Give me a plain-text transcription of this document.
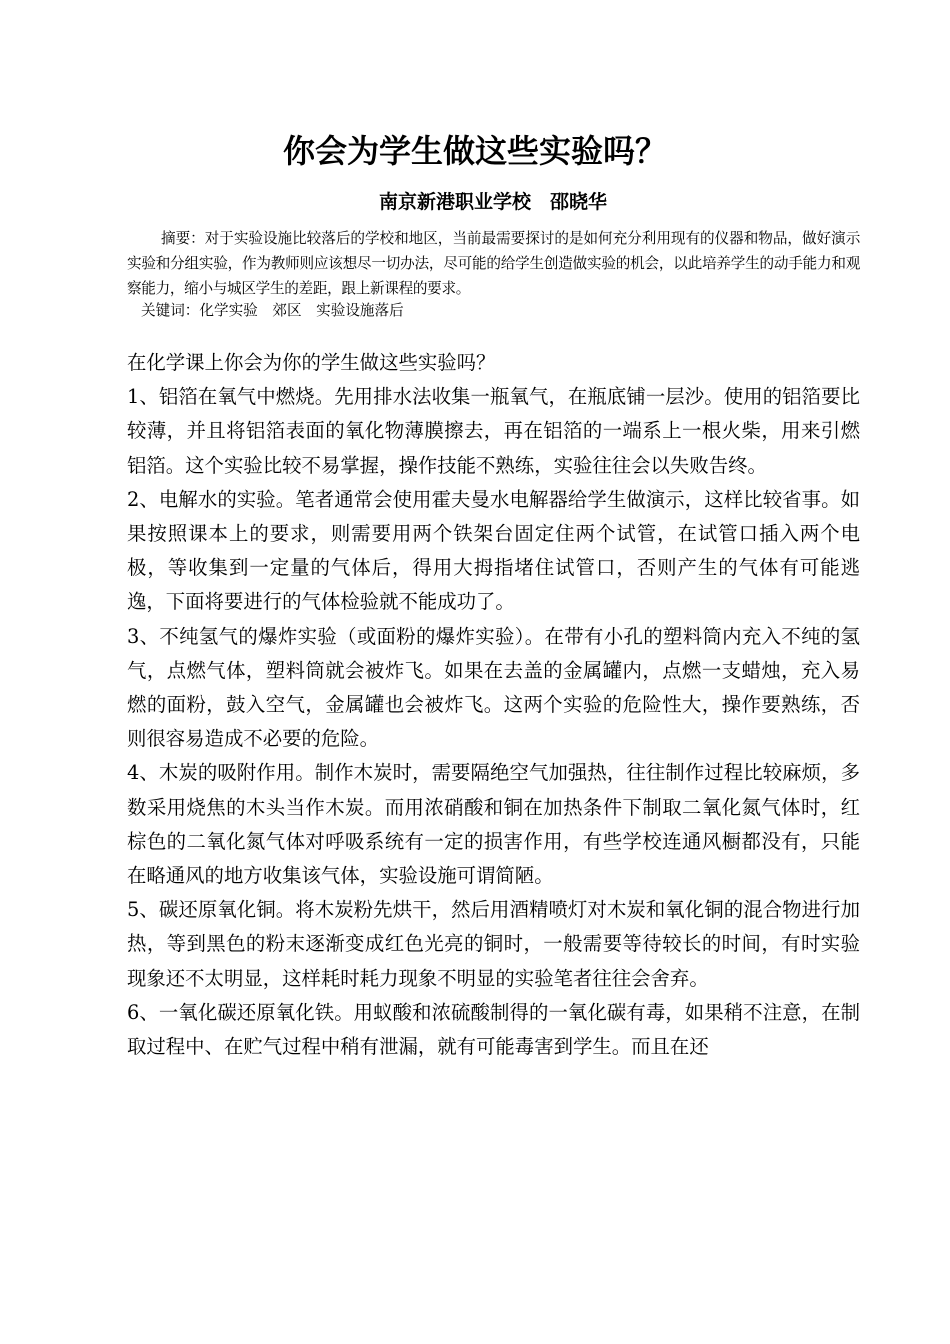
你会为学生做这些实验吗？
南京新港职业学校　邵晓华

摘要：对于实验设施比较落后的学校和地区，当前最需要探讨的是如何充分利用现有的仪器和物品，做好演示实验和分组实验，作为教师则应该想尽一切办法，尽可能的给学生创造做实验的机会，以此培养学生的动手能力和观察能力，缩小与城区学生的差距，跟上新课程的要求。

关键词：化学实验　郊区　实验设施落后

在化学课上你会为你的学生做这些实验吗？

1、铝箔在氧气中燃烧。先用排水法收集一瓶氧气，在瓶底铺一层沙。使用的铝箔要比较薄，并且将铝箔表面的氧化物薄膜擦去，再在铝箔的一端系上一根火柴，用来引燃铝箔。这个实验比较不易掌握，操作技能不熟练，实验往往会以失败告终。

2、电解水的实验。笔者通常会使用霍夫曼水电解器给学生做演示，这样比较省事。如果按照课本上的要求，则需要用两个铁架台固定住两个试管，在试管口插入两个电极，等收集到一定量的气体后，得用大拇指堵住试管口，否则产生的气体有可能逃逸，下面将要进行的气体检验就不能成功了。

3、不纯氢气的爆炸实验（或面粉的爆炸实验）。在带有小孔的塑料筒内充入不纯的氢气，点燃气体，塑料筒就会被炸飞。如果在去盖的金属罐内，点燃一支蜡烛，充入易燃的面粉，鼓入空气，金属罐也会被炸飞。这两个实验的危险性大，操作要熟练，否则很容易造成不必要的危险。

4、木炭的吸附作用。制作木炭时，需要隔绝空气加强热，往往制作过程比较麻烦，多数采用烧焦的木头当作木炭。而用浓硝酸和铜在加热条件下制取二氧化氮气体时，红棕色的二氧化氮气体对呼吸系统有一定的损害作用，有些学校连通风橱都没有，只能在略通风的地方收集该气体，实验设施可谓简陋。

5、碳还原氧化铜。将木炭粉先烘干，然后用酒精喷灯对木炭和氧化铜的混合物进行加热，等到黑色的粉末逐渐变成红色光亮的铜时，一般需要等待较长的时间，有时实验现象还不太明显，这样耗时耗力现象不明显的实验笔者往往会舍弃。

6、一氧化碳还原氧化铁。用蚁酸和浓硫酸制得的一氧化碳有毒，如果稍不注意，在制取过程中、在贮气过程中稍有泄漏，就有可能毒害到学生。而且在还
